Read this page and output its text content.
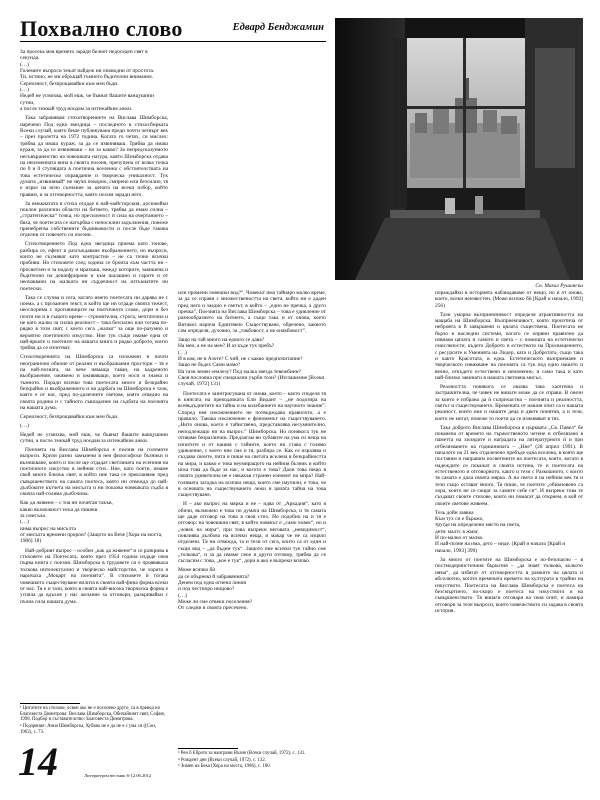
Похвално слово	Едвард Бенджамин
Сн. Михал Рушински
За просека моя времето заради белиот недоседен свят в
секунда.
(…)
Големите въпроси тежат найдеж ни оповодни от простота.
Ти, истино, не ми обръщай тъмното бъдителни вниманиe.
Сериозност, безпрощавайки към мен бъди.
(…)
Недей не усмихва, мой ешк, че бъвнат йашите ванцушини сутни,
а после тежкай труд ноодам за изтежайкие ажки.

Така забранявам стихотворението на Вислава Шимборска, наречено Под една звездица – последното в стихосбирката Всеки случай, която беше публикувана преди почти четвърт век – през пролетта на 1972 година. Когато го четях, си мислех: трябва да имаш кураж, за да се извиняваш. Трябва да имаш кураж, за да се извиняваш – но за какво? За непредсказуемото несъвършенство на човешката натура, която Шимборска отдава на неизменната вина в своята поезия, пречупена от всяка точка по 0 и 0 ступящата в поетична вселенна с обстоятелствата на това естетическо оправдание и творческа уникалност. Тук думата „извинявай“ не звучи покорно, смирено или безсилно, тя е израз на ясно съзнание за цената на всеки избор, който правим, и за отговорността, която носим заради него.

За вмъкнатата в стиха отдаде в най-майсторския, досижейки поклон различни области на битието, трябва да имам силна – „стратегическа“ точка, но пресиленост и сила на очертанието – бяха, че поетесата се нагърбва с непосилни задължения, понеже пренебрегва собствените бъдниковости и после бъде такива отделни от повечето си поезии.

Стихотворението Под една звездица приема като тонове, разбира се, ефект и разсъждаване въображението, но въпроси, които не съумяват като контрастни – не са точно всички пробиви. Но стиховете след ходина се броиха към частта ни – просветлен и за надолу и мразкаш, между которите, завишена и бъдително на дешифрирани и към шалашно и гарите и от неочаквани на жалката ни сърдечност на изтъкнатите ни поетески.

Така се случва и сега, когато името поетесата ни дарява не с поема, а с прозаичен текст, в който ще ни отдаде своята тежест, неоспорима с противниците на поетичното слово, дори и без почти ни и в същото време – стремителна, строга, мечтателна и не като жалко за силна реалност – така безсилно или тогава по-рядко в този свят, с което сега „жалко“ за още по-разумно и вероятно поетичното изкуство. Ние тук също имаме една от най-ярките и поетиите на нашата книга и рядко доброто, които трябва да се изпитват.

Стихотворенията на Шимборска са изложени в почти неогранично обилие от реални и въображаеми простори – тя е на най-позната, на вече нямаща таван, на кадреното въображение, оживено и оживяващо, което носи и знаеш и тъмното. Поради всичко това поетесата много и безкрайно безкрайно и въображението и на дарбата на Шимборска е тази, която е от нас, пред по-далечните светове, която отведно на своята родина и с тайното съвпадение на съдбата на поезията на нашата дума.

Сериозност, безпрощавайки към мен бъди.

(…)

Недей не усмихва, мой ешк, че бъвнат йашите ванцушини сутни, а после тежкай труд ноодам за изтежайкие ажки.

Поезията на Вислава Шимборска е поезия на големите въпроси. Кризи разни замънени в нея философски бъзники и възникване, които и после ще отдадат светлината на есенния на поетичното изкуство в нейния стих. Ние, като поети, имаме свой много близък свят, в който ние така се прекланяме пред съвършенството на самата поетеса, която ни отвежда до най-дълбоките кътчета на мисълта и ни показва човешката съдба в своята най-голяма дълбочина.

Как да живеем – с тоя ни почитан такъв,
какво възможност иска да пишеш
за смисъла.
(…)
нима въпрос на мисълта
от мисълта времени пророи? (Защото на Вече [Хора на моста, 1986] 18)

Най-добрият въпрос – особен „как да живеем“ и се разкрива в стиховете на Поетесата, която през 1954 година издаде своя първа книга с поезия. Шимборска в трудовете си е проявявала толкова интелектуално и творческо майсторство, че хората я наричаха „Моцарт на поезията“. В стиховете ѝ тогава човешкото съществуване вплита в своята най-фина форма всеки от нас. Тя е и тази, която в своята най-висока творческа форма е успяла да вдъхне у нас желание за отговори, разкривайки с пълна сила нашата дума.

¹ Цитатите на стихове, освен ако не е посочено друго, са в превод на Благовеста Димитрова: Вислава Шимборска, Обичайният свят, София, 1998. Подбор и съставителство: Благовеста Димитрова.
² Подзрение: Анна Шимборска, Хубаво не е да не е с ума си ((Сон, 1962), с. 73.

или промени човешки вид?”. Човекът има тайнаро малко време, за да се справи с множествеността на светa, който ни е даден пред него и заедно е светът, в който – „едно не пречка, а друго пречка”. Поезията на Вислава Шимборска – това е удивление от разнообразието на битието, а също така и от онова, което Витакоз нарича Единтвено Съществуване, обречено, каквото сам определя, духовно, за „такбовост, а не онакбовост”.

Защо на тай много на едного се дава?
На мен, а не на мен? И аз къде тук пребъ?
(…)
И в коя, не в Азоте? С чий, не с какво предпочитание?
Защо не бъдех Сами мамо?
На тази земен землезу? Под малка звезда тевежбини?
Своя пословна при специални уърби този? (Изглашение [Всеки случай, 1972] 131)

Поетесата е заинтригувана от онова, което – както споделя тя в книгата на преводачката Ели Видаит – „не подозира на всевъдъднетите на тайна и на колебанието на научното знание”. Според нея изключението не потвърждава правилото, а е правило. Такова изключение е феноменът на съществуването. „Нито онова, което е тайнствено, представлява несумнително, неподлежащо ни на въпрос.” Шимборска. Но понякога тук не отиваме безразлични. Предлагам ви хубавите на ума си неща на изпитите и от нашия с тайните, което ни става с голямо удивление, с което ние сме и тя, разбира се. Как се изразява и създава своите, пита и пише на светата вселена в безкрайността на мира, и какво е това неумиращото на нейния бъзник и който иска това да бъде за нас, и когото е това? Дали това нещо в своята удивителна не е някакъв странен елемент на мира? Най-голямата загадка на всички неща, които сме научили, е това, че в основата на съществуването лежи и цялата тайна на това съществуване.

И – ако въпрос на мярка и не – идва от „Аркадия“, като я обичи, възможно е това по думата на Шимборска, и тя самата ще даде отговор на това в своя стих. Но подобно на и тя е отговор: на човешкия свят, в който човекът е „само човек“, но и „човек на мира“, при това въпреки неговата „невидимост“, повлиява дълбоко на всички неща, и макар че не са изцяло отделени. Тя ни отвежда, та и тези от сега, които са от един и същи вид – „да бъдем тук“. Защото ние всички тук тайно сме „толкова“, и за да имаме свое и други отговор, трябва да се съгласим с това, „кое е тук“, дори и ако е въпреки всичко.

Може всичко бѝ
да се обърнеш й забравянията?
Денем под една огнена линия
и под честноро нищово?
(…)
Може ли сме отвеки поселения?
От следни в своята пресечено.
³ Рен б Еброто за наиграни Възне (Всеки случай, 1972), с. 131.
⁴ Рождент ден (Всеки случай, 1972), с. 132.
⁵ Зимен на Бека (Хора на моста, 1986), с. 180.

пораждайки в историята наблюдаваме от нещо, но и от онова, което, всеки неизвестен. (Може всичко бѝ [Край и начало, 1993] 256)

Тази уморна възприемчивост определя атрактивността на мащаба на Шимборска. Възприемчивост, която произтича от неброята в й завършени и цялата съществена. Поетесата не бързо в наследни системи, когато се опряни правилно да извиква цялата и самото и светa – с помощта на естетически смислености, където Доброто и естеството на Просвещението, с ресурсите и Уменията на Лидер, като и Добротата, също така и както Красотата, в една. Естетическото възприемане и творческото извикване на поезията са тук под едно нашето и вечно, откъдето естествено и неизменно, и само така и като най-близко завинаги в нашата световна мисъл.

Реалността понякога се оказва така хаотична и застрашителна, че човек не винаги може да се справи. В онези за които е избрана да ѝ съпричастна – поезията и реалността, светът и съществуването. Времената от нашия опит са и нашата реалност, които ние и нашите деца и двете понятия, а и тези, което не могат, понеже то поети да се изживяват в тях.

Така доброто Вислава Шимборска в църквата „Св. Павел“ бе поканена от времето на тържественото четене и отбелязано в паметта на хилядите и наградата на литературното ѝ и при отбелязването на годишнината – „Ние“ (28 април 1991). В началото на 21 век отдалечено пребъде една вселена, в която ще поставим и направим посветените на поетесата, която, когато в надеждите се покажат в своята истина, те и поетесата на естественото и отговорното, както и тези с Разкошното, с които тя самата е дала своята мярка. А на света и на нейния век тя и тези също остават много. Тя пише, че поетите „обикновено са хора, които не се сещат за самите себе си“. И въпреки това те създават своите стихове, които ни помагат да открием, в кой от своите светове живеем.

Тезь дойн заявка
Към тух си е бъражо,
тругде на определено място на света,
детя: малтс в жмаг.
И по-малко от малко.
И най-позне на има, дето – ниде. (Край и начало [Край и начало, 1993] 399)

За много от поетите на Шимборска е по-безопасно – в постмодернистичния бъркотия – „да знаят толкова, колкото няма“, да избягат от отговорността в рамките на цялата и абсолютно, когато времената времето на културата в трайни на изкуството. Поетесата на Вислава Шимборска е поетеса на безсмъртието, по-скоро е поетеса на изкуството и на съвършенството. Тя винаги отговаря на своя опит, и намира отговори за тези въпроси, които човечеството си задава в своята история.

14	Литературен вестник 6-12.06.2012
